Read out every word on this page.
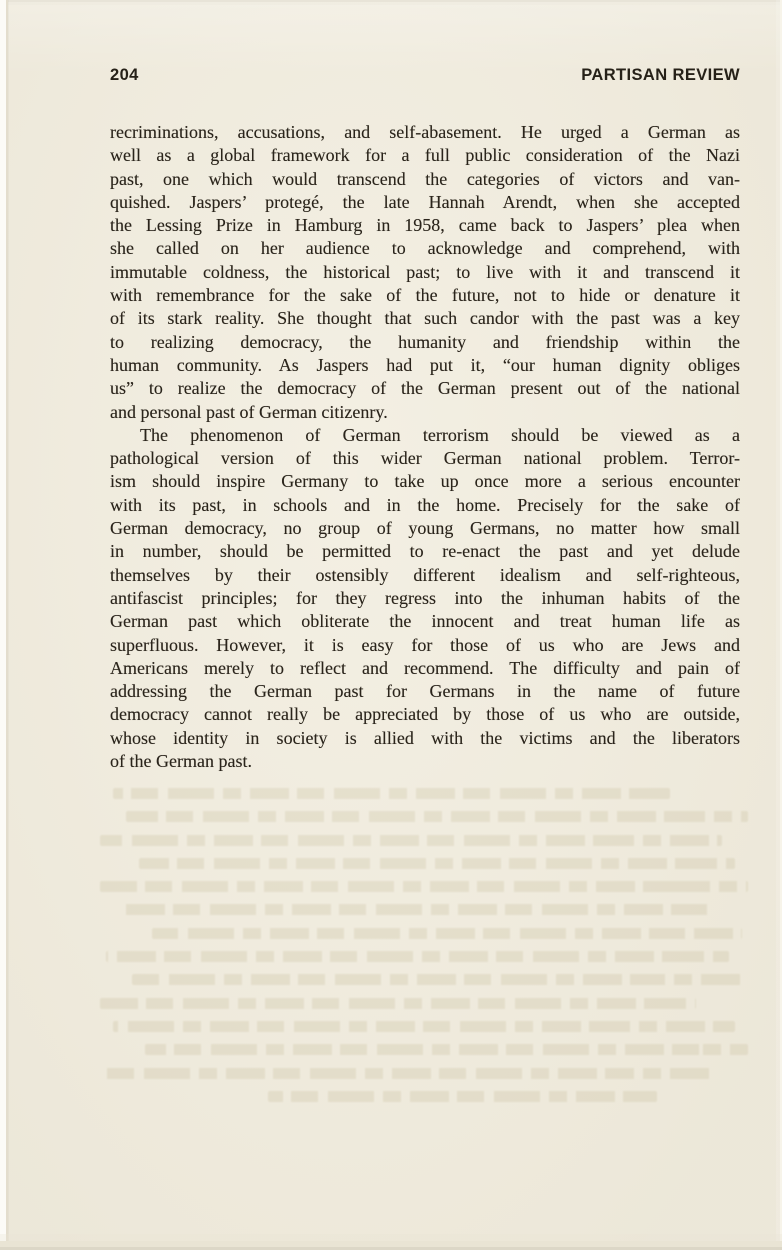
204	PARTISAN REVIEW
recriminations, accusations, and self-abasement. He urged a German as
well as a global framework for a full public consideration of the Nazi
past, one which would transcend the categories of victors and van-
quished. Jaspers’ protegé, the late Hannah Arendt, when she accepted
the Lessing Prize in Hamburg in 1958, came back to Jaspers’ plea when
she called on her audience to acknowledge and comprehend, with
immutable coldness, the historical past; to live with it and transcend it
with remembrance for the sake of the future, not to hide or denature it
of its stark reality. She thought that such candor with the past was a key
to realizing democracy, the humanity and friendship within the
human community. As Jaspers had put it, “our human dignity obliges
us” to realize the democracy of the German present out of the national
and personal past of German citizenry.
The phenomenon of German terrorism should be viewed as a
pathological version of this wider German national problem. Terror-
ism should inspire Germany to take up once more a serious encounter
with its past, in schools and in the home. Precisely for the sake of
German democracy, no group of young Germans, no matter how small
in number, should be permitted to re-enact the past and yet delude
themselves by their ostensibly different idealism and self-righteous,
antifascist principles; for they regress into the inhuman habits of the
German past which obliterate the innocent and treat human life as
superfluous. However, it is easy for those of us who are Jews and
Americans merely to reflect and recommend. The difficulty and pain of
addressing the German past for Germans in the name of future
democracy cannot really be appreciated by those of us who are outside,
whose identity in society is allied with the victims and the liberators
of the German past.
